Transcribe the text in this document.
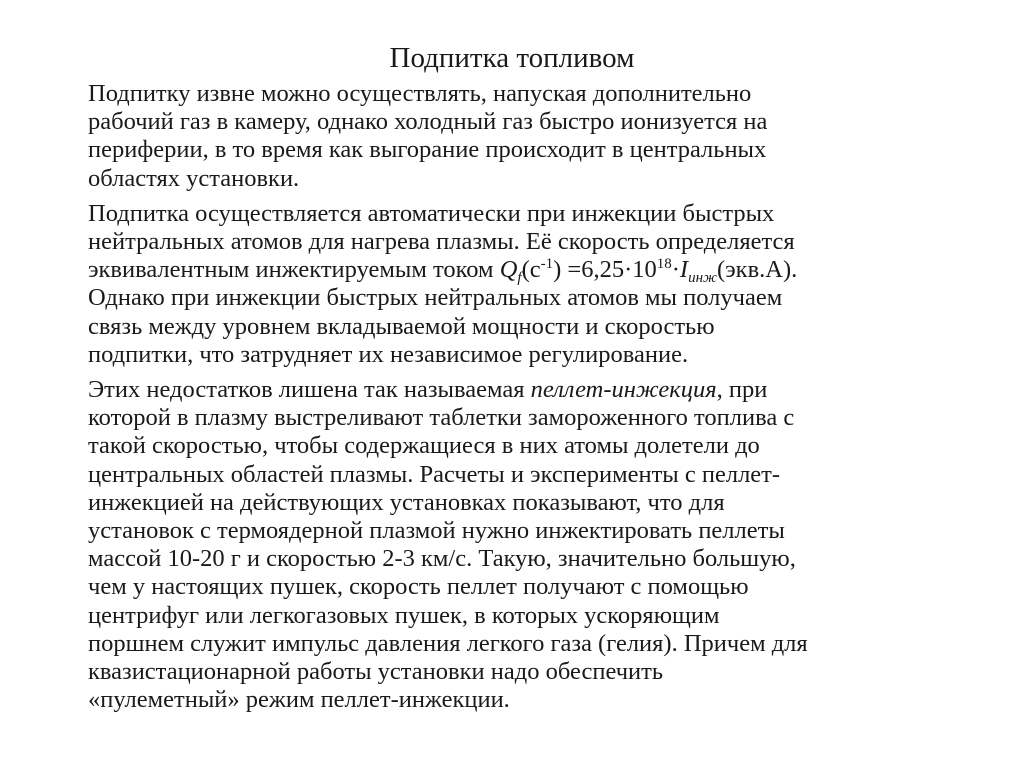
Подпитка топливом

Подпитку извне можно осуществлять, напуская дополнительно
рабочий газ в камеру, однако холодный газ быстро ионизуется на
периферии, в то время как выгорание происходит в центральных
областях установки.

Подпитка осуществляется автоматически при инжекции быстрых
нейтральных атомов для нагрева плазмы. Её скорость определяется
эквивалентным инжектируемым током $Q_f(с^{-1}) =6,25\cdot 10^{18}\cdot I_{инж}(экв.А)$.
Однако при инжекции быстрых нейтральных атомов мы получаем
связь между уровнем вкладываемой мощности и скоростью
подпитки, что затрудняет их независимое регулирование.

Этих недостатков лишена так называемая пеллет-инжекция, при
которой в плазму выстреливают таблетки замороженного топлива с
такой скоростью, чтобы содержащиеся в них атомы долетели до
центральных областей плазмы. Расчеты и эксперименты с пеллет-
инжекцией на действующих установках показывают, что для
установок с термоядерной плазмой нужно инжектировать пеллеты
массой 10-20 г и скоростью 2-3 км/с. Такую, значительно большую,
чем у настоящих пушек, скорость пеллет получают с помощью
центрифуг или легкогазовых пушек, в которых ускоряющим
поршнем служит импульс давления легкого газа (гелия). Причем для
квазистационарной работы установки надо обеспечить
«пулеметный» режим пеллет-инжекции.
